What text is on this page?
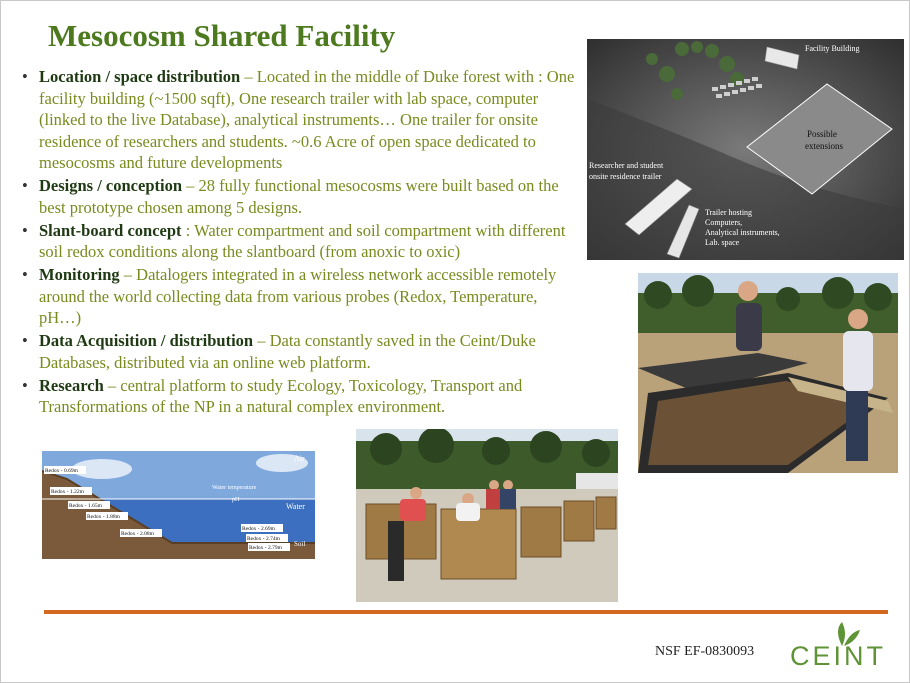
Mesocosm Shared Facility
• Location / space distribution – Located in the middle of Duke forest with : One facility building (~1500 sqft), One research trailer with lab space, computer (linked to the live Database), analytical instruments… One trailer for onsite residence of researchers and students. ~0.6 Acre of open space dedicated to mesocosms and future developments
• Designs / conception – 28 fully functional mesocosms were built based on the best prototype chosen among 5 designs.
• Slant-board concept : Water compartment and soil compartment with different soil redox conditions along the slantboard (from anoxic to oxic)
• Monitoring – Datalogers integrated in a wireless network accessible remotely around the world collecting data from various probes (Redox, Temperature, pH…)
• Data Acquisition / distribution – Data constantly saved in the Ceint/Duke Databases, distributed via an online web platform.
• Research – central platform to study Ecology, Toxicology, Transport and Transformations of the NP in a natural complex environment.
Facility Building
Possible
extensions
Researcher and student
onsite residence trailer
Trailer hosting
Computers,
Analytical instruments,
Lab. space
Air
Water
Soil
Water temperature
pH
Redox - 0.69m
Redox - 1.22m
Redox - 1.65m
Redox - 1.88m
Redox - 2.08m
Redox - 2.69m
Redox - 2.74m
Redox - 2.79m
NSF EF-0830093 CEINT
